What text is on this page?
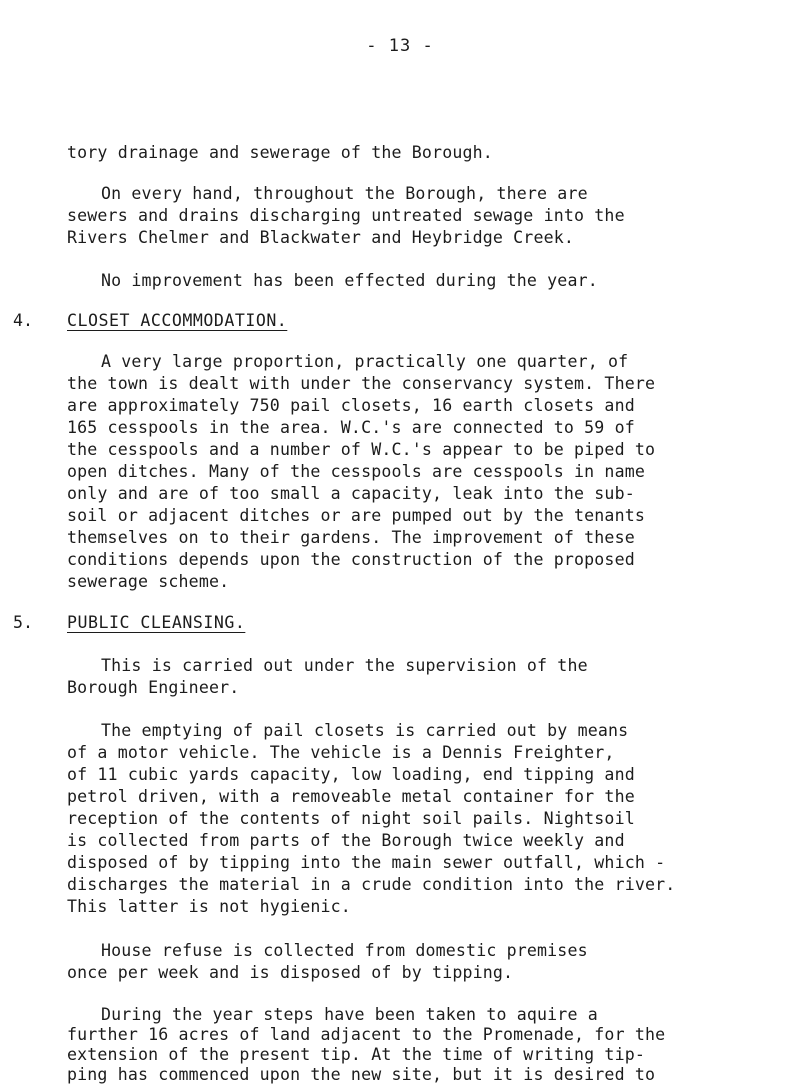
- 13 -
tory drainage and sewerage of the Borough.
On every hand, throughout the Borough, there are
sewers and drains discharging untreated sewage into the
Rivers Chelmer and Blackwater and Heybridge Creek.
No improvement has been effected during the year.
4. CLOSET ACCOMMODATION.
A very large proportion, practically one quarter, of
the town is dealt with under the conservancy system. There
are approximately 750 pail closets, 16 earth closets and
165 cesspools in the area. W.C.'s are connected to 59 of
the cesspools and a number of W.C.'s appear to be piped to
open ditches. Many of the cesspools are cesspools in name
only and are of too small a capacity, leak into the sub-
soil or adjacent ditches or are pumped out by the tenants
themselves on to their gardens. The improvement of these
conditions depends upon the construction of the proposed
sewerage scheme.
5. PUBLIC CLEANSING.
This is carried out under the supervision of the
Borough Engineer.
The emptying of pail closets is carried out by means
of a motor vehicle. The vehicle is a Dennis Freighter,
of 11 cubic yards capacity, low loading, end tipping and
petrol driven, with a removeable metal container for the
reception of the contents of night soil pails. Nightsoil
is collected from parts of the Borough twice weekly and
disposed of by tipping into the main sewer outfall, which -
discharges the material in a crude condition into the river.
This latter is not hygienic.
House refuse is collected from domestic premises
once per week and is disposed of by tipping.
During the year steps have been taken to aquire a
further 16 acres of land adjacent to the Promenade, for the
extension of the present tip. At the time of writing tip-
ping has commenced upon the new site, but it is desired to
